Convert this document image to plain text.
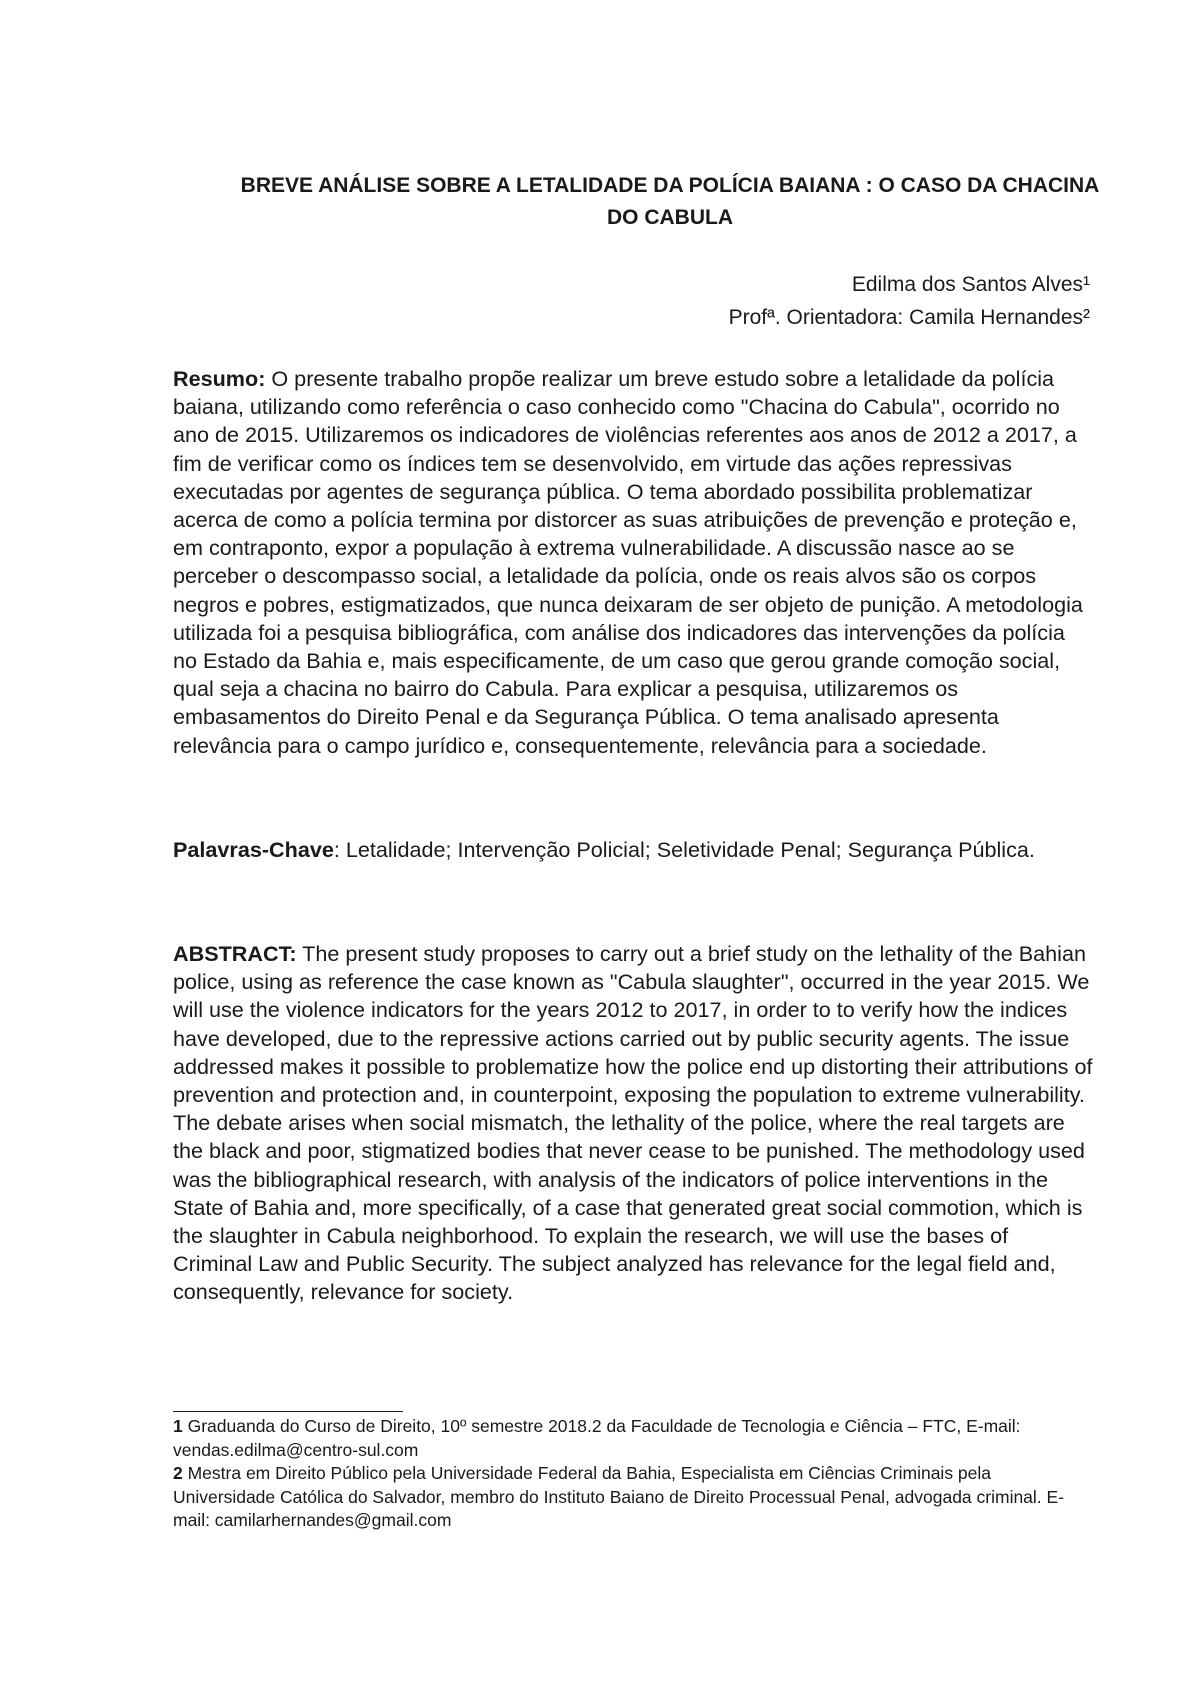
BREVE ANÁLISE SOBRE A LETALIDADE DA POLÍCIA BAIANA : O CASO DA CHACINA DO CABULA
Edilma dos Santos Alves¹
Profª. Orientadora: Camila Hernandes²

Resumo: O presente trabalho propõe realizar um breve estudo sobre a letalidade da polícia baiana, utilizando como referência o caso conhecido como "Chacina do Cabula", ocorrido no ano de 2015. Utilizaremos os indicadores de violências referentes aos anos de 2012 a 2017, a fim de verificar como os índices tem se desenvolvido, em virtude das ações repressivas executadas por agentes de segurança pública. O tema abordado possibilita problematizar acerca de como a polícia termina por distorcer as suas atribuições de prevenção e proteção e, em contraponto, expor a população à extrema vulnerabilidade. A discussão nasce ao se perceber o descompasso social, a letalidade da polícia, onde os reais alvos são os corpos negros e pobres, estigmatizados, que nunca deixaram de ser objeto de punição. A metodologia utilizada foi a pesquisa bibliográfica, com análise dos indicadores das intervenções da polícia no Estado da Bahia e, mais especificamente, de um caso que gerou grande comoção social, qual seja a chacina no bairro do Cabula. Para explicar a pesquisa, utilizaremos os embasamentos do Direito Penal e da Segurança Pública. O tema analisado apresenta relevância para o campo jurídico e, consequentemente, relevância para a sociedade.

Palavras-Chave: Letalidade; Intervenção Policial; Seletividade Penal; Segurança Pública.

ABSTRACT: The present study proposes to carry out a brief study on the lethality of the Bahian police, using as reference the case known as "Cabula slaughter", occurred in the year 2015. We will use the violence indicators for the years 2012 to 2017, in order to to verify how the indices have developed, due to the repressive actions carried out by public security agents. The issue addressed makes it possible to problematize how the police end up distorting their attributions of prevention and protection and, in counterpoint, exposing the population to extreme vulnerability. The debate arises when social mismatch, the lethality of the police, where the real targets are the black and poor, stigmatized bodies that never cease to be punished. The methodology used was the bibliographical research, with analysis of the indicators of police interventions in the State of Bahia and, more specifically, of a case that generated great social commotion, which is the slaughter in Cabula neighborhood. To explain the research, we will use the bases of Criminal Law and Public Security. The subject analyzed has relevance for the legal field and, consequently, relevance for society.

1 Graduanda do Curso de Direito, 10º semestre 2018.2 da Faculdade de Tecnologia e Ciência – FTC, E-mail: vendas.edilma@centro-sul.com

2 Mestra em Direito Público pela Universidade Federal da Bahia, Especialista em Ciências Criminais pela Universidade Católica do Salvador, membro do Instituto Baiano de Direito Processual Penal, advogada criminal. E-mail: camilarhernandes@gmail.com
